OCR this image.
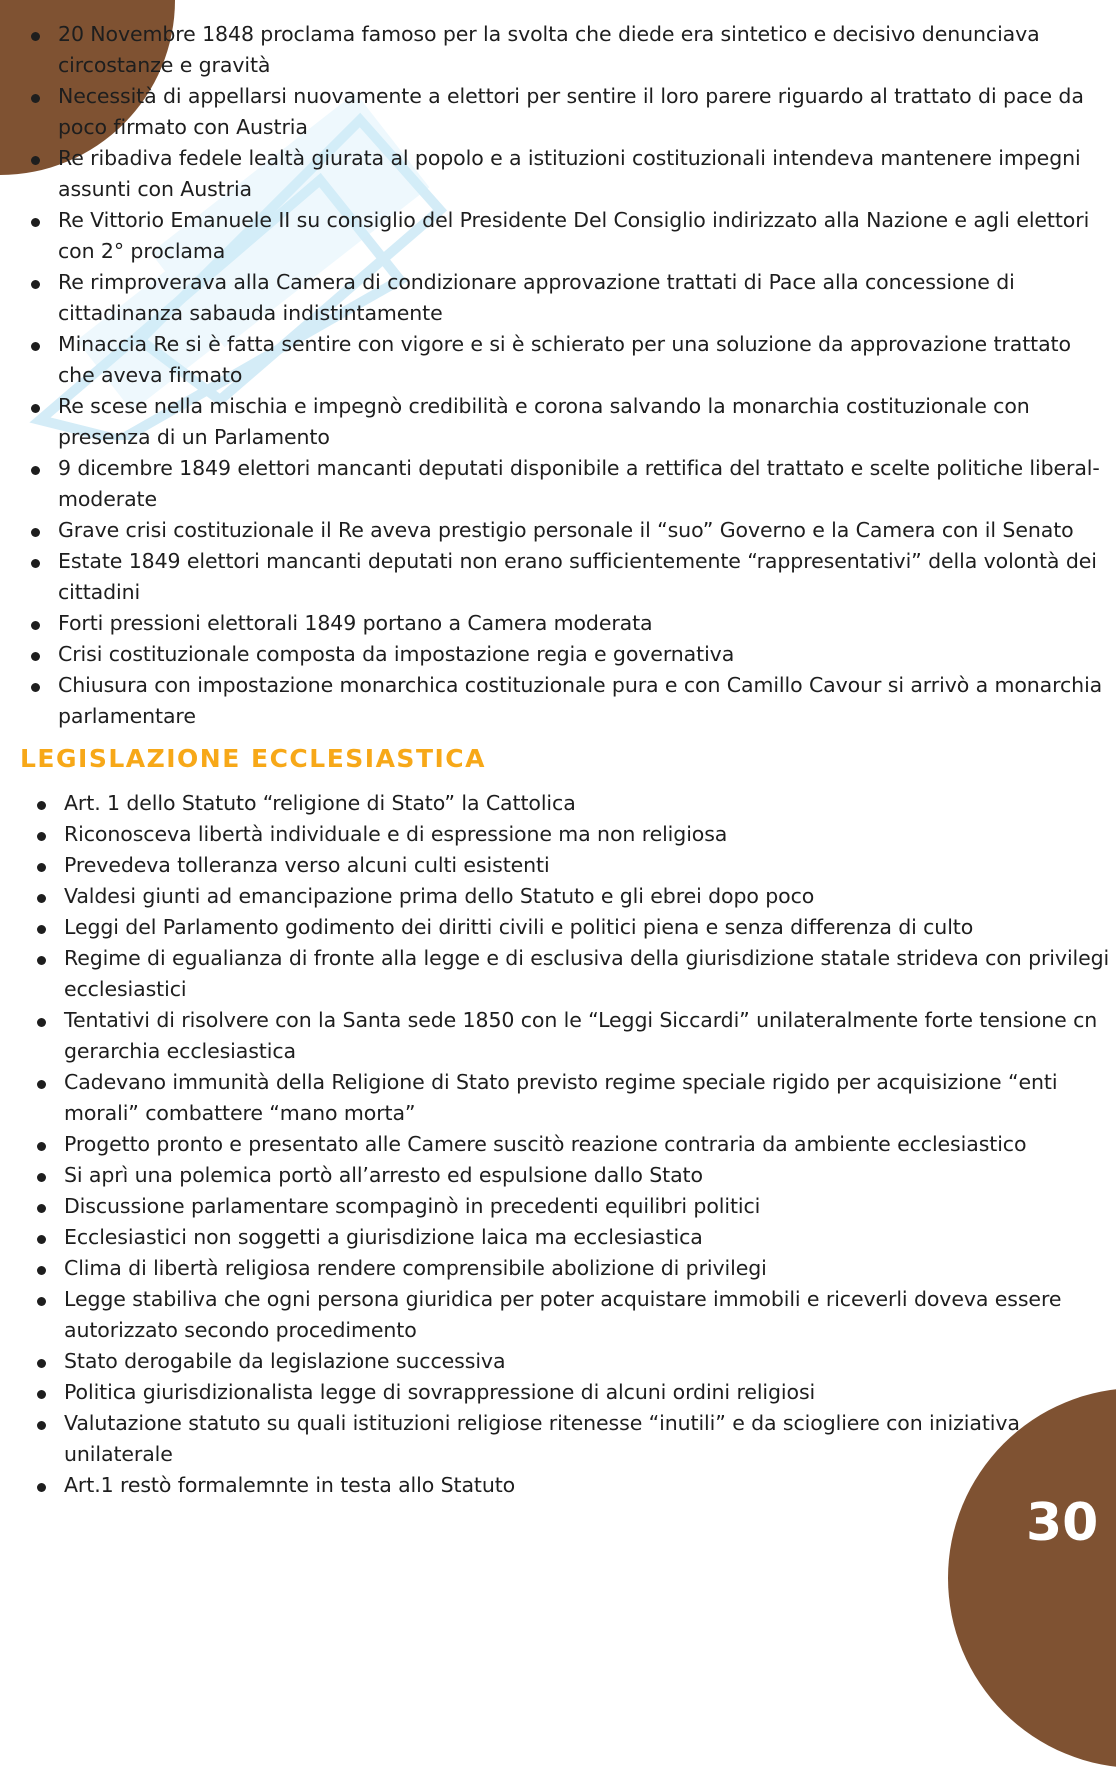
20 Novembre 1848 proclama famoso per la svolta che diede era sintetico e decisivo denunciava circostanze e gravità
Necessità di appellarsi nuovamente a elettori per sentire il loro parere riguardo al trattato di pace da poco firmato con Austria
Re ribadiva fedele lealtà giurata al popolo e a istituzioni costituzionali intendeva mantenere impegni assunti con Austria
Re Vittorio Emanuele II su consiglio del Presidente Del Consiglio indirizzato alla Nazione e agli elettori con 2° proclama
Re rimproverava alla Camera di condizionare approvazione trattati di Pace alla concessione di cittadinanza sabauda indistintamente
Minaccia Re si è fatta sentire con vigore e si è schierato per una soluzione da approvazione trattato che aveva firmato
Re scese nella mischia e impegnò credibilità e corona salvando la monarchia costituzionale con presenza di un Parlamento
9 dicembre 1849 elettori mancanti deputati disponibile a rettifica del trattato e scelte politiche liberal-moderate
Grave crisi costituzionale il Re aveva prestigio personale il “suo” Governo e la Camera con il Senato
Estate 1849 elettori mancanti deputati non erano sufficientemente “rappresentativi” della volontà dei cittadini
Forti pressioni elettorali 1849 portano a Camera moderata
Crisi costituzionale composta da impostazione regia e governativa
Chiusura con impostazione monarchica costituzionale pura e con Camillo Cavour si arrivò a monarchia parlamentare
LEGISLAZIONE ECCLESIASTICA
Art. 1 dello Statuto “religione di Stato” la Cattolica
Riconosceva libertà individuale e di espressione ma non religiosa
Prevedeva tolleranza verso alcuni culti esistenti
Valdesi giunti ad emancipazione prima dello Statuto e gli ebrei dopo poco
Leggi del Parlamento godimento dei diritti civili e politici piena e senza differenza di culto
Regime di egualianza di fronte alla legge e di esclusiva della giurisdizione statale strideva con privilegi ecclesiastici
Tentativi di risolvere con la Santa sede 1850 con le “Leggi Siccardi” unilateralmente forte tensione cn gerarchia ecclesiastica
Cadevano immunità della Religione di Stato previsto regime speciale rigido per acquisizione “enti morali” combattere “mano morta”
Progetto pronto e presentato alle Camere suscitò reazione contraria da ambiente ecclesiastico
Si aprì una polemica portò all’arresto ed espulsione dallo Stato
Discussione parlamentare scompaginò in precedenti equilibri politici
Ecclesiastici non soggetti a giurisdizione laica ma ecclesiastica
Clima di libertà religiosa rendere comprensibile abolizione di privilegi
Legge stabiliva che ogni persona giuridica per poter acquistare immobili e riceverli doveva essere autorizzato secondo procedimento
Stato derogabile da legislazione successiva
Politica giurisdizionalista legge di sovrappressione di alcuni ordini religiosi
Valutazione statuto su quali istituzioni religiose ritenesse “inutili” e da sciogliere con iniziativa unilaterale
Art.1 restò formalemnte in testa allo Statuto
30
